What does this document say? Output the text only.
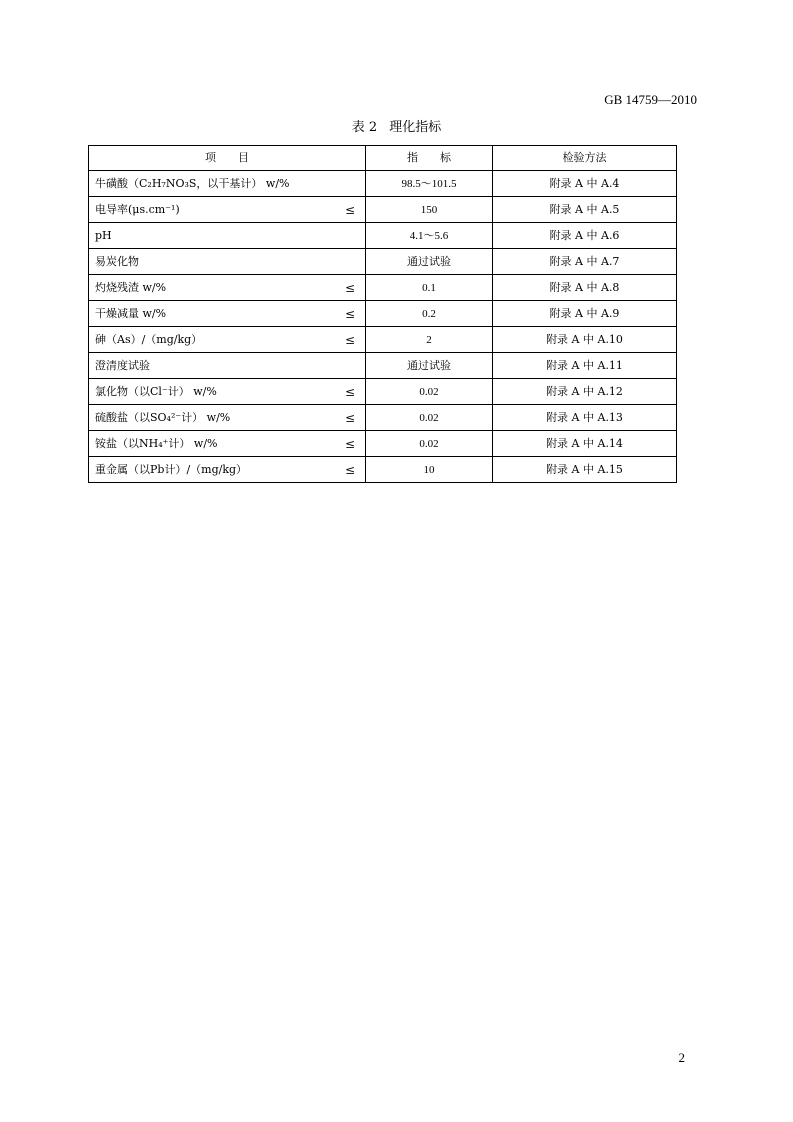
GB 14759—2010
表 2 理化指标
项　　目		指　　标	检验方法
牛磺酸（C₂H₇NO₃S，以干基计） w/%		98.5～101.5	附录 A 中 A.4
电导率(μs.cm⁻¹)	≤	150	附录 A 中 A.5
pH		4.1～5.6	附录 A 中 A.6
易炭化物		通过试验	附录 A 中 A.7
灼烧残渣 w/%	≤	0.1	附录 A 中 A.8
干燥减量 w/%	≤	0.2	附录 A 中 A.9
砷（As）/（mg/kg）	≤	2	附录 A 中 A.10
澄清度试验		通过试验	附录 A 中 A.11
氯化物（以Cl⁻计） w/%	≤	0.02	附录 A 中 A.12
硫酸盐（以SO₄²⁻计） w/%	≤	0.02	附录 A 中 A.13
铵盐（以NH₄⁺计） w/%	≤	0.02	附录 A 中 A.14
重金属（以Pb计）/（mg/kg）	≤	10	附录 A 中 A.15
2
